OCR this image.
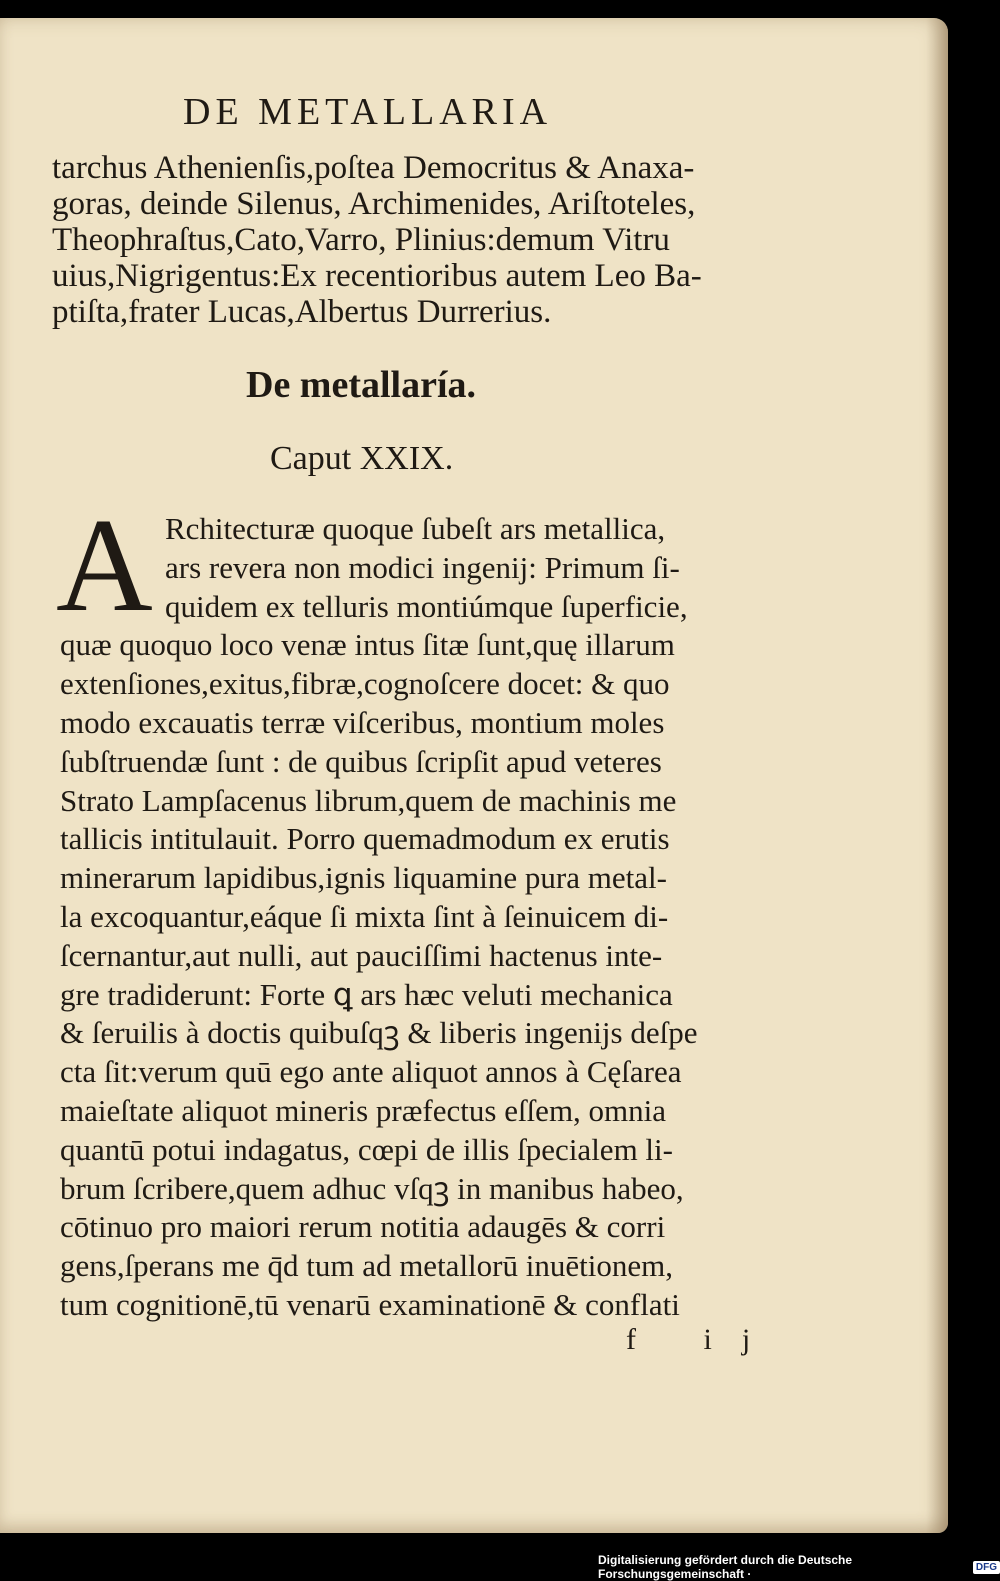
DE METALLARIA
tarchus Athenienſis,poſtea Democritus & Anaxa-
goras, deinde Silenus, Archimenides, Ariſtoteles,
Theophraſtus,Cato,Varro, Plinius:demum Vitru
uius,Nigrigentus:Ex recentioribus autem Leo Ba-
ptiſta,frater Lucas,Albertus Durrerius.
De metallaría.
Caput XXIX.
A Rchitecturæ quoque ſubeſt ars metallica,
ars revera non modici ingenij: Primum ſi-
quidem ex telluris montiúmque ſuperficie,
quæ quoquo loco venæ intus ſitæ ſunt,quę illarum
extenſiones,exitus,fibræ,cognoſcere docet: & quo
modo excauatis terræ viſceribus, montium moles
ſubſtruendæ ſunt : de quibus ſcripſit apud veteres
Strato Lampſacenus librum,quem de machinis me
tallicis intitulauit. Porro quemadmodum ex erutis
minerarum lapidibus,ignis liquamine pura metal-
la excoquantur,eáque ſi mixta ſint à ſeinuicem di-
ſcernantur,aut nulli, aut pauciſſimi hactenus inte-
gre tradiderunt: Forte ꝗ ars hæc veluti mechanica
& ſeruilis à doctis quibuſqꝫ & liberis ingenijs deſpe
cta ſit:verum quū ego ante aliquot annos à Cęſarea
maieſtate aliquot mineris præfectus eſſem, omnia
quantū potui indagatus, cœpi de illis ſpecialem li-
brum ſcribere,quem adhuc vſqꝫ in manibus habeo,
cōtinuo pro maiori rerum notitia adaugēs & corri
gens,ſperans me q̄d tum ad metallorū inuētionem,
tum cognitionē,tū venarū examinationē & conflati
f ij
Digitalisierung gefördert durch die Deutsche Forschungsgemeinschaft ·	DFG
